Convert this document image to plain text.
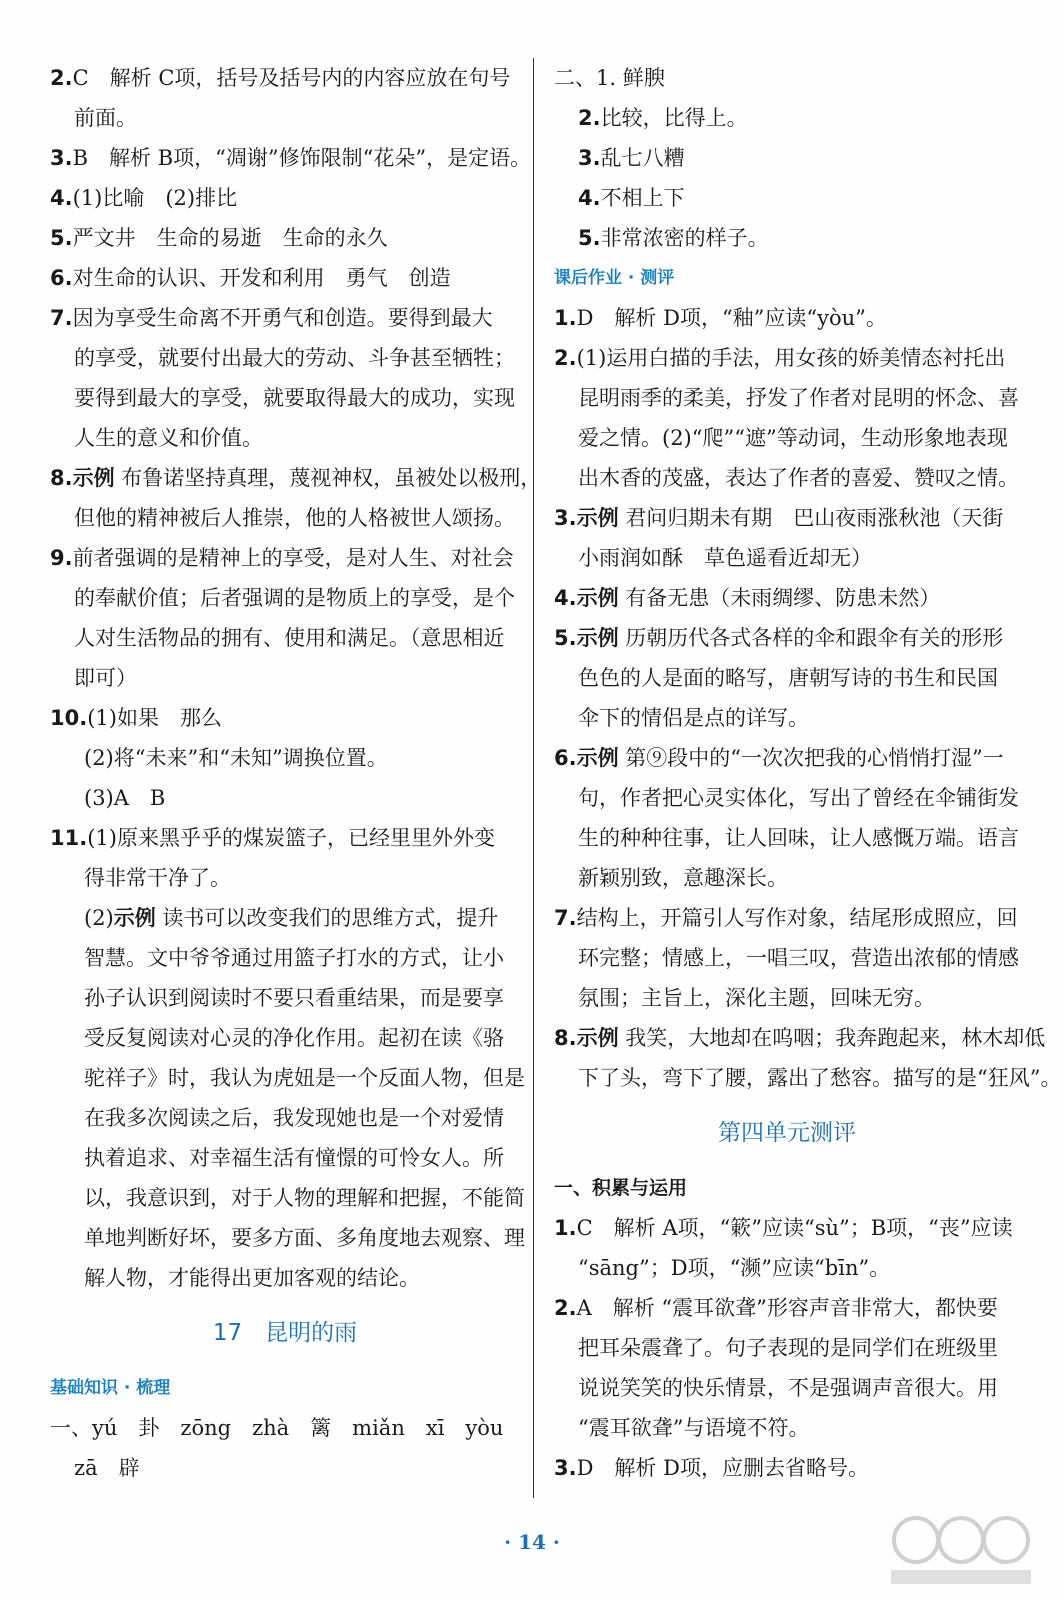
2.C　解析 C项，括号及括号内的内容应放在句号
前面。
3.B　解析 B项，“凋谢”修饰限制“花朵”，是定语。
4.(1)比喻　(2)排比
5.严文井　生命的易逝　生命的永久
6.对生命的认识、开发和利用　勇气　创造
7.因为享受生命离不开勇气和创造。要得到最大
的享受，就要付出最大的劳动、斗争甚至牺牲；
要得到最大的享受，就要取得最大的成功，实现
人生的意义和价值。
8.示例 布鲁诺坚持真理，蔑视神权，虽被处以极刑，
但他的精神被后人推崇，他的人格被世人颂扬。
9.前者强调的是精神上的享受，是对人生、对社会
的奉献价值；后者强调的是物质上的享受，是个
人对生活物品的拥有、使用和满足。（意思相近
即可）
10.(1)如果　那么
(2)将“未来”和“未知”调换位置。
(3)A　B
11.(1)原来黑乎乎的煤炭篮子，已经里里外外变
得非常干净了。
(2)示例 读书可以改变我们的思维方式，提升
智慧。文中爷爷通过用篮子打水的方式，让小
孙子认识到阅读时不要只看重结果，而是要享
受反复阅读对心灵的净化作用。起初在读《骆
驼祥子》时，我认为虎妞是一个反面人物，但是
在我多次阅读之后，我发现她也是一个对爱情
执着追求、对幸福生活有憧憬的可怜女人。所
以，我意识到，对于人物的理解和把握，不能简
单地判断好坏，要多方面、多角度地去观察、理
解人物，才能得出更加客观的结论。
17　昆明的雨
基础知识 · 梳理
一、yú　卦　zōng　zhà　篱　miǎn　xī　yòu
zā　辟
二、1. 鲜腴
2.比较，比得上。
3.乱七八糟
4.不相上下
5.非常浓密的样子。
课后作业 · 测评
1.D　解析 D项，“釉”应读“yòu”。
2.(1)运用白描的手法，用女孩的娇美情态衬托出
昆明雨季的柔美，抒发了作者对昆明的怀念、喜
爱之情。(2)“爬”“遮”等动词，生动形象地表现
出木香的茂盛，表达了作者的喜爱、赞叹之情。
3.示例 君问归期未有期　巴山夜雨涨秋池（天街
小雨润如酥　草色遥看近却无）
4.示例 有备无患（未雨绸缪、防患未然）
5.示例 历朝历代各式各样的伞和跟伞有关的形形
色色的人是面的略写，唐朝写诗的书生和民国
伞下的情侣是点的详写。
6.示例 第⑨段中的“一次次把我的心悄悄打湿”一
句，作者把心灵实体化，写出了曾经在伞铺街发
生的种种往事，让人回味，让人感慨万端。语言
新颖别致，意趣深长。
7.结构上，开篇引人写作对象，结尾形成照应，回
环完整；情感上，一唱三叹，营造出浓郁的情感
氛围；主旨上，深化主题，回味无穷。
8.示例 我笑，大地却在呜咽；我奔跑起来，林木却低
下了头，弯下了腰，露出了愁容。描写的是“狂风”。
第四单元测评
一、积累与运用
1.C　解析 A项，“簌”应读“sù”；B项，“丧”应读
“sāng”；D项，“濒”应读“bīn”。
2.A　解析 “震耳欲聋”形容声音非常大，都快要
把耳朵震聋了。句子表现的是同学们在班级里
说说笑笑的快乐情景，不是强调声音很大。用
“震耳欲聋”与语境不符。
3.D　解析 D项，应删去省略号。
· 14 ·
